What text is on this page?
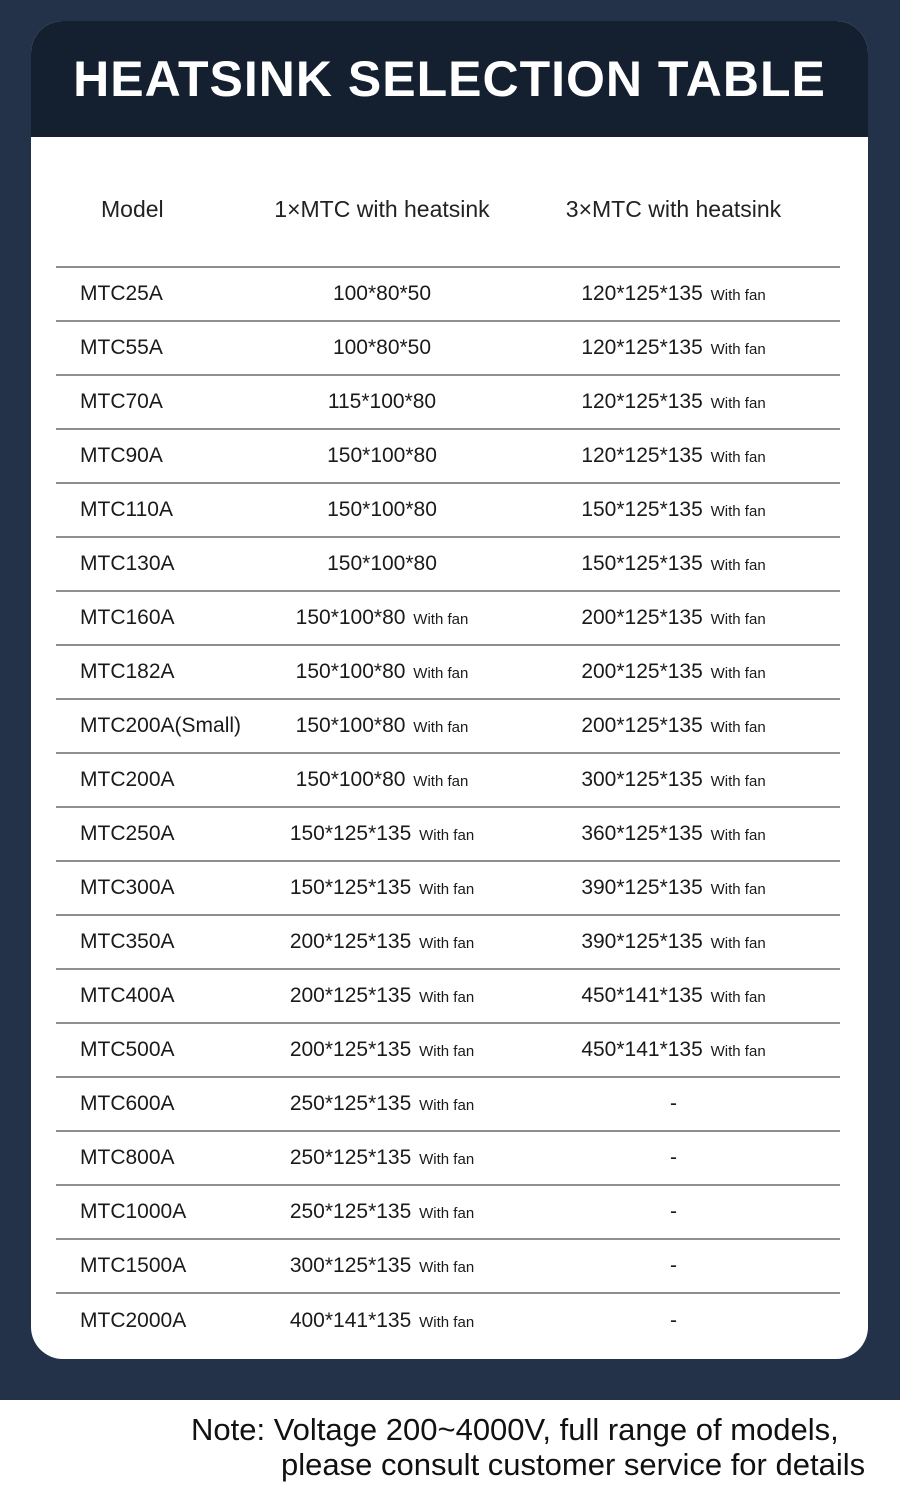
HEATSINK SELECTION TABLE
Model	1×MTC with heatsink	3×MTC with heatsink
MTC25A	100*80*50	120*125*135 With fan
MTC55A	100*80*50	120*125*135 With fan
MTC70A	115*100*80	120*125*135 With fan
MTC90A	150*100*80	120*125*135 With fan
MTC110A	150*100*80	150*125*135 With fan
MTC130A	150*100*80	150*125*135 With fan
MTC160A	150*100*80 With fan	200*125*135 With fan
MTC182A	150*100*80 With fan	200*125*135 With fan
MTC200A(Small)	150*100*80 With fan	200*125*135 With fan
MTC200A	150*100*80 With fan	300*125*135 With fan
MTC250A	150*125*135 With fan	360*125*135 With fan
MTC300A	150*125*135 With fan	390*125*135 With fan
MTC350A	200*125*135 With fan	390*125*135 With fan
MTC400A	200*125*135 With fan	450*141*135 With fan
MTC500A	200*125*135 With fan	450*141*135 With fan
MTC600A	250*125*135 With fan	-
MTC800A	250*125*135 With fan	-
MTC1000A	250*125*135 With fan	-
MTC1500A	300*125*135 With fan	-
MTC2000A	400*141*135 With fan	-
Note: Voltage 200~4000V, full range of models,
please consult customer service for details
